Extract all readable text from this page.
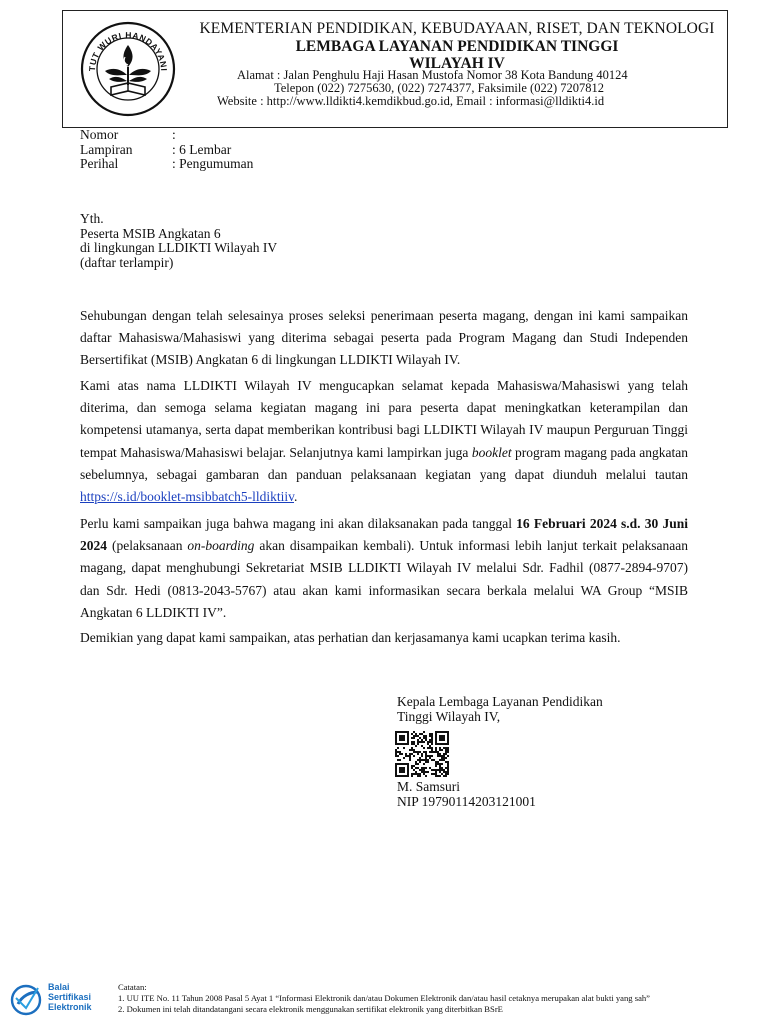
TUT WURI HANDAYANI
KEMENTERIAN PENDIDIKAN, KEBUDAYAAN, RISET, DAN TEKNOLOGI
LEMBAGA LAYANAN PENDIDIKAN TINGGI
WILAYAH IV
Alamat : Jalan Penghulu Haji Hasan Mustofa Nomor 38 Kota Bandung 40124
Telepon (022) 7275630, (022) 7274377, Faksimile (022) 7207812
Website : http://www.lldikti4.kemdikbud.go.id, Email : informasi@lldikti4.id
Nomor	:
Lampiran	: 6 Lembar
Perihal	: Pengumuman
Yth.
Peserta MSIB Angkatan 6
di lingkungan LLDIKTI Wilayah IV
(daftar terlampir)
Sehubungan dengan telah selesainya proses seleksi penerimaan peserta magang, dengan ini kami sampaikan daftar Mahasiswa/Mahasiswi yang diterima sebagai peserta pada Program Magang dan Studi Independen Bersertifikat (MSIB) Angkatan 6 di lingkungan LLDIKTI Wilayah IV.
Kami atas nama LLDIKTI Wilayah IV mengucapkan selamat kepada Mahasiswa/Mahasiswi yang telah diterima, dan semoga selama kegiatan magang ini para peserta dapat meningkatkan keterampilan dan kompetensi utamanya, serta dapat memberikan kontribusi bagi LLDIKTI Wilayah IV maupun Perguruan Tinggi tempat Mahasiswa/Mahasiswi belajar. Selanjutnya kami lampirkan juga booklet program magang pada angkatan sebelumnya, sebagai gambaran dan panduan pelaksanaan kegiatan yang dapat diunduh melalui tautan https://s.id/booklet-msibbatch5-lldiktiiv.
Perlu kami sampaikan juga bahwa magang ini akan dilaksanakan pada tanggal 16 Februari 2024 s.d. 30 Juni 2024 (pelaksanaan on-boarding akan disampaikan kembali). Untuk informasi lebih lanjut terkait pelaksanaan magang, dapat menghubungi Sekretariat MSIB LLDIKTI Wilayah IV melalui Sdr. Fadhil (0877-2894-9707) dan Sdr. Hedi (0813-2043-5767) atau akan kami informasikan secara berkala melalui WA Group “MSIB Angkatan 6 LLDIKTI IV”.
Demikian yang dapat kami sampaikan, atas perhatian dan kerjasamanya kami ucapkan terima kasih.
Kepala Lembaga Layanan Pendidikan
Tinggi Wilayah IV,
M. Samsuri
NIP 19790114203121001
Balai
Sertifikasi
Elektronik
Catatan:
1. UU ITE No. 11 Tahun 2008 Pasal 5 Ayat 1 “Informasi Elektronik dan/atau Dokumen Elektronik dan/atau hasil cetaknya merupakan alat bukti yang sah”
2. Dokumen ini telah ditandatangani secara elektronik menggunakan sertifikat elektronik yang diterbitkan BSrE
